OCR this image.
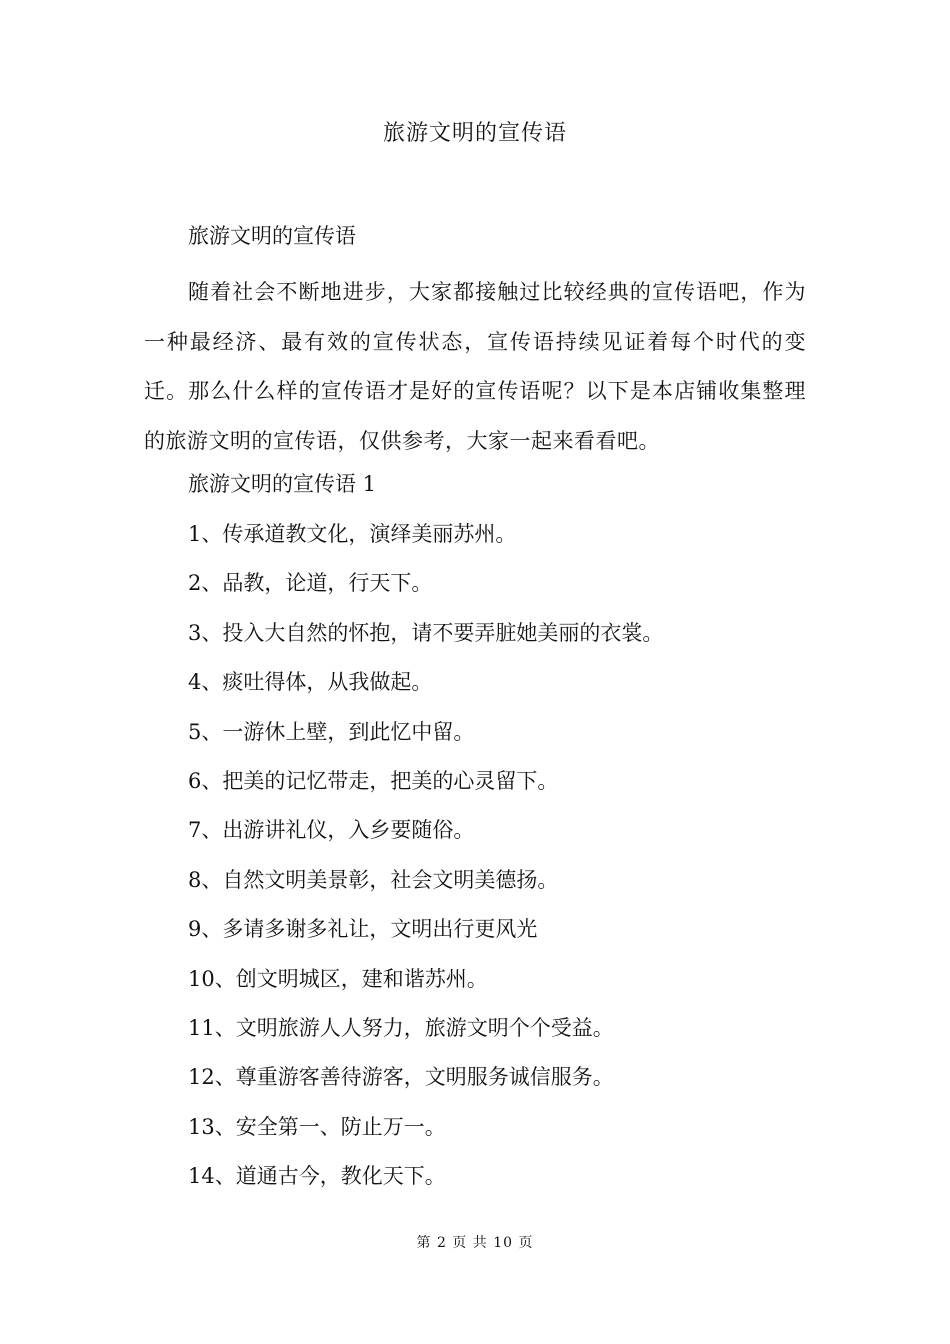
旅游文明的宣传语
旅游文明的宣传语
随着社会不断地进步，大家都接触过比较经典的宣传语吧，作为一种最经济、最有效的宣传状态，宣传语持续见证着每个时代的变迁。那么什么样的宣传语才是好的宣传语呢？以下是本店铺收集整理的旅游文明的宣传语，仅供参考，大家一起来看看吧。
旅游文明的宣传语 1
1、传承道教文化，演绎美丽苏州。
2、品教，论道，行天下。
3、投入大自然的怀抱，请不要弄脏她美丽的衣裳。
4、痰吐得体，从我做起。
5、一游休上壁，到此忆中留。
6、把美的记忆带走，把美的心灵留下。
7、出游讲礼仪，入乡要随俗。
8、自然文明美景彰，社会文明美德扬。
9、多请多谢多礼让，文明出行更风光
10、创文明城区，建和谐苏州。
11、文明旅游人人努力，旅游文明个个受益。
12、尊重游客善待游客，文明服务诚信服务。
13、安全第一、防止万一。
14、道通古今，教化天下。
第 2 页 共 10 页
